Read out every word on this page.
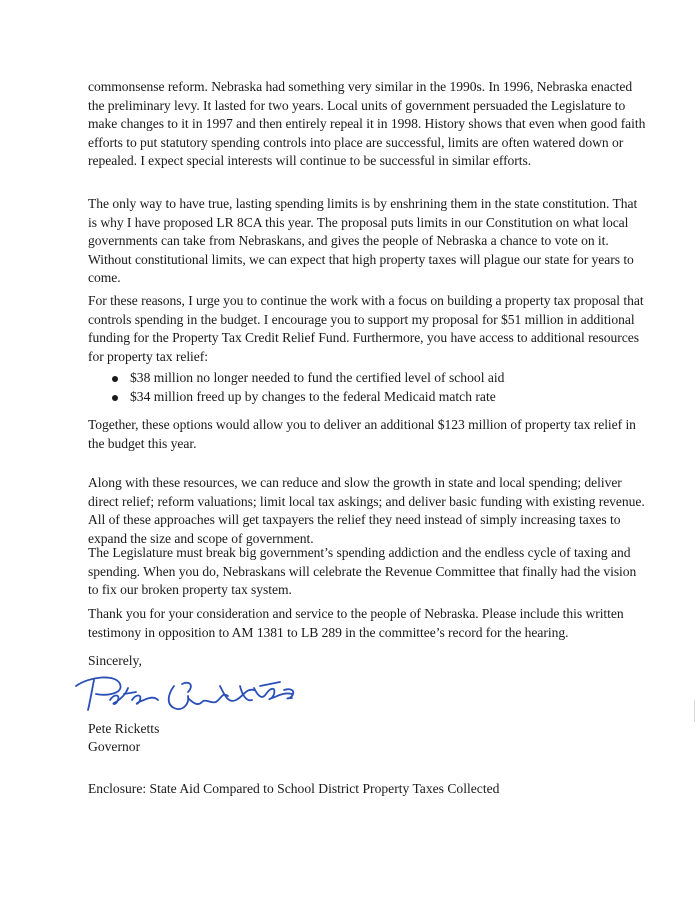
commonsense reform. Nebraska had something very similar in the 1990s. In 1996, Nebraska enacted the preliminary levy. It lasted for two years. Local units of government persuaded the Legislature to make changes to it in 1997 and then entirely repeal it in 1998. History shows that even when good faith efforts to put statutory spending controls into place are successful, limits are often watered down or repealed. I expect special interests will continue to be successful in similar efforts.

The only way to have true, lasting spending limits is by enshrining them in the state constitution. That is why I have proposed LR 8CA this year. The proposal puts limits in our Constitution on what local governments can take from Nebraskans, and gives the people of Nebraska a chance to vote on it. Without constitutional limits, we can expect that high property taxes will plague our state for years to come.

For these reasons, I urge you to continue the work with a focus on building a property tax proposal that controls spending in the budget. I encourage you to support my proposal for $51 million in additional funding for the Property Tax Credit Relief Fund. Furthermore, you have access to additional resources for property tax relief:

$38 million no longer needed to fund the certified level of school aid
$34 million freed up by changes to the federal Medicaid match rate

Together, these options would allow you to deliver an additional $123 million of property tax relief in the budget this year.

Along with these resources, we can reduce and slow the growth in state and local spending; deliver direct relief; reform valuations; limit local tax askings; and deliver basic funding with existing revenue. All of these approaches will get taxpayers the relief they need instead of simply increasing taxes to expand the size and scope of government.

The Legislature must break big government’s spending addiction and the endless cycle of taxing and spending. When you do, Nebraskans will celebrate the Revenue Committee that finally had the vision to fix our broken property tax system.

Thank you for your consideration and service to the people of Nebraska. Please include this written testimony in opposition to AM 1381 to LB 289 in the committee’s record for the hearing.

Sincerely,

Pete Ricketts

Governor

Enclosure: State Aid Compared to School District Property Taxes Collected
